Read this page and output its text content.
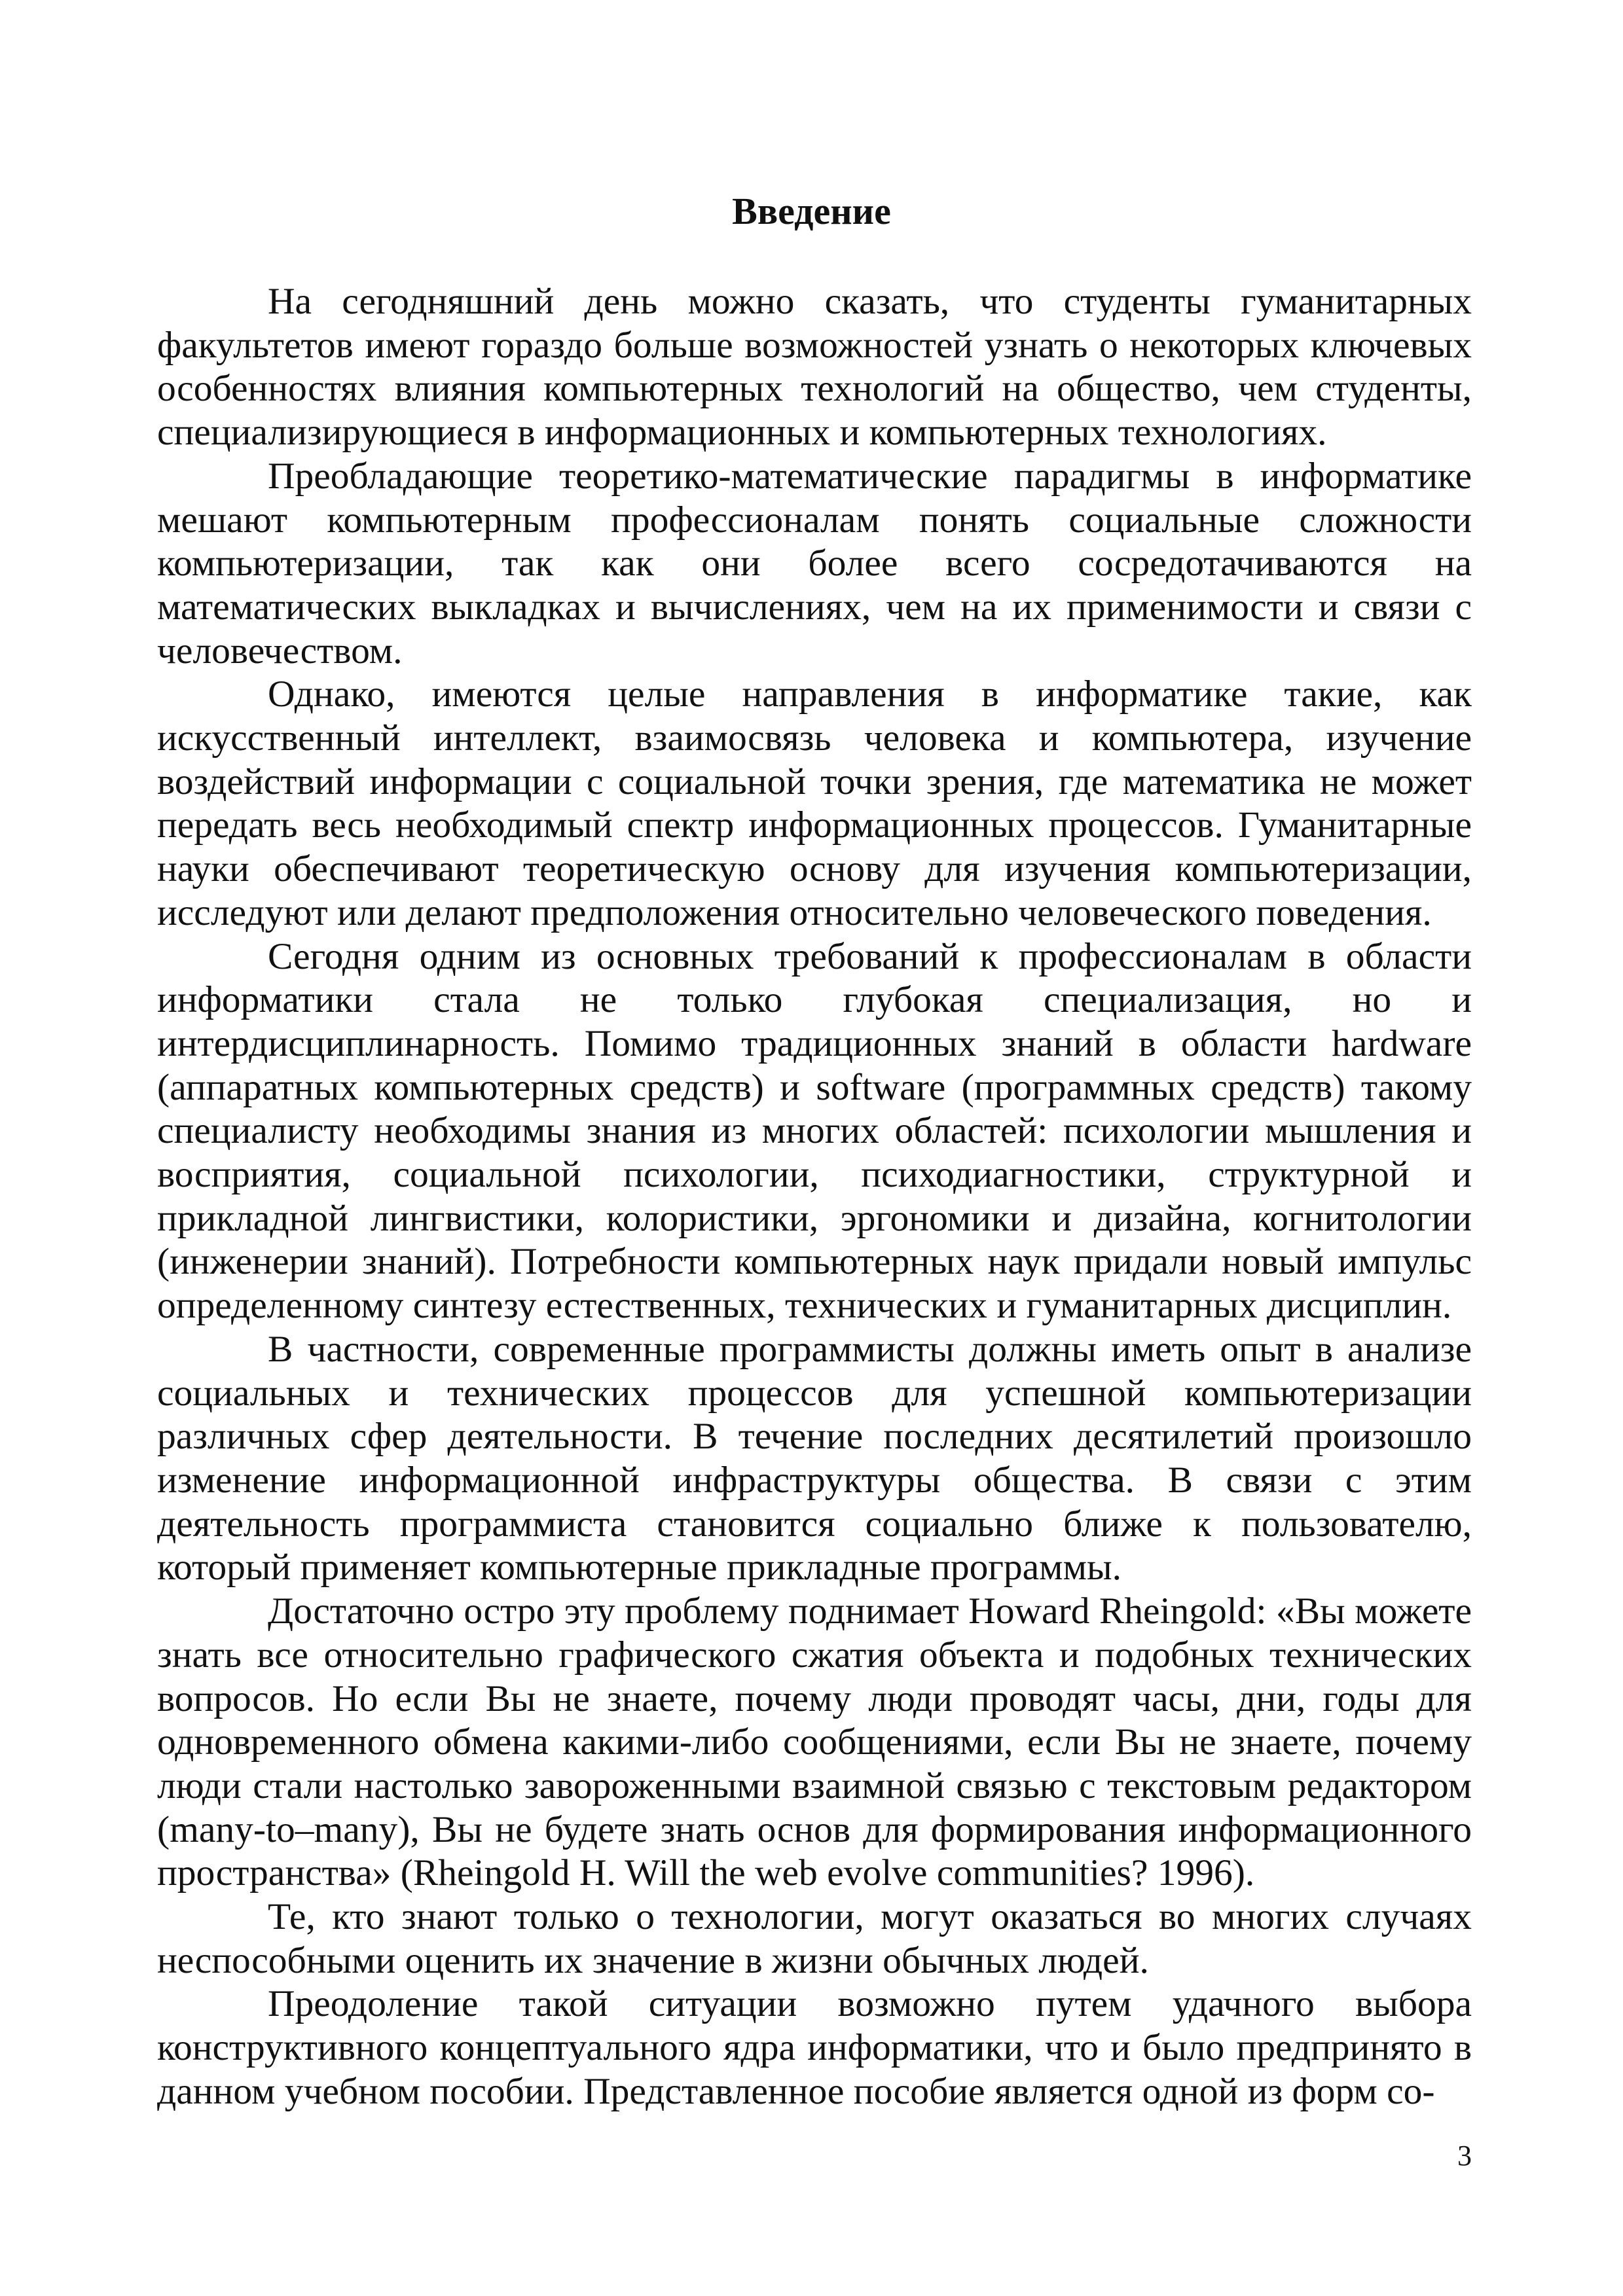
Введение

На сегодняшний день можно сказать, что студенты гуманитарных факультетов имеют гораздо больше возможностей узнать о некоторых ключевых особенностях влияния компьютерных технологий на общество, чем студенты, специализирующиеся в информационных и компьютерных технологиях.

Преобладающие теоретико-математические парадигмы в информатике мешают компьютерным профессионалам понять социальные сложности компьютеризации, так как они более всего сосредотачиваются на математических выкладках и вычислениях, чем на их применимости и связи с человечеством.

Однако, имеются целые направления в информатике такие, как искусственный интеллект, взаимосвязь человека и компьютера, изучение воздействий информации с социальной точки зрения, где математика не может передать весь необходимый спектр информационных процессов. Гуманитарные науки обеспечивают теоретическую основу для изучения компьютеризации, исследуют или делают предположения относительно человеческого поведения.

Сегодня одним из основных требований к профессионалам в области информатики стала не только глубокая специализация, но и интердисциплинарность. Помимо традиционных знаний в области hardware (аппаратных компьютерных средств) и software (программных средств) такому специалисту необходимы знания из многих областей: психологии мышления и восприятия, социальной психологии, психодиагностики, структурной и прикладной лингвистики, колористики, эргономики и дизайна, когнитологии (инженерии знаний). Потребности компьютерных наук придали новый импульс определенному синтезу естественных, технических и гуманитарных дисциплин.

В частности, современные программисты должны иметь опыт в анализе социальных и технических процессов для успешной компьютеризации различных сфер деятельности. В течение последних десятилетий произошло изменение информационной инфраструктуры общества. В связи с этим деятельность программиста становится социально ближе к пользователю, который применяет компьютерные прикладные программы.

Достаточно остро эту проблему поднимает Howard Rheingold: «Вы можете знать все относительно графического сжатия объекта и подобных технических вопросов. Но если Вы не знаете, почему люди проводят часы, дни, годы для одновременного обмена какими-либо сообщениями, если Вы не знаете, почему люди стали настолько завороженными взаимной связью с текстовым редактором (many-to–many), Вы не будете знать основ для формирования информационного пространства» (Rheingold H. Will the web evolve communities? 1996).

Те, кто знают только о технологии, могут оказаться во многих случаях неспособными оценить их значение в жизни обычных людей.

Преодоление такой ситуации возможно путем удачного выбора конструктивного концептуального ядра информатики, что и было предпринято в данном учебном пособии. Представленное пособие является одной из форм со-

3
